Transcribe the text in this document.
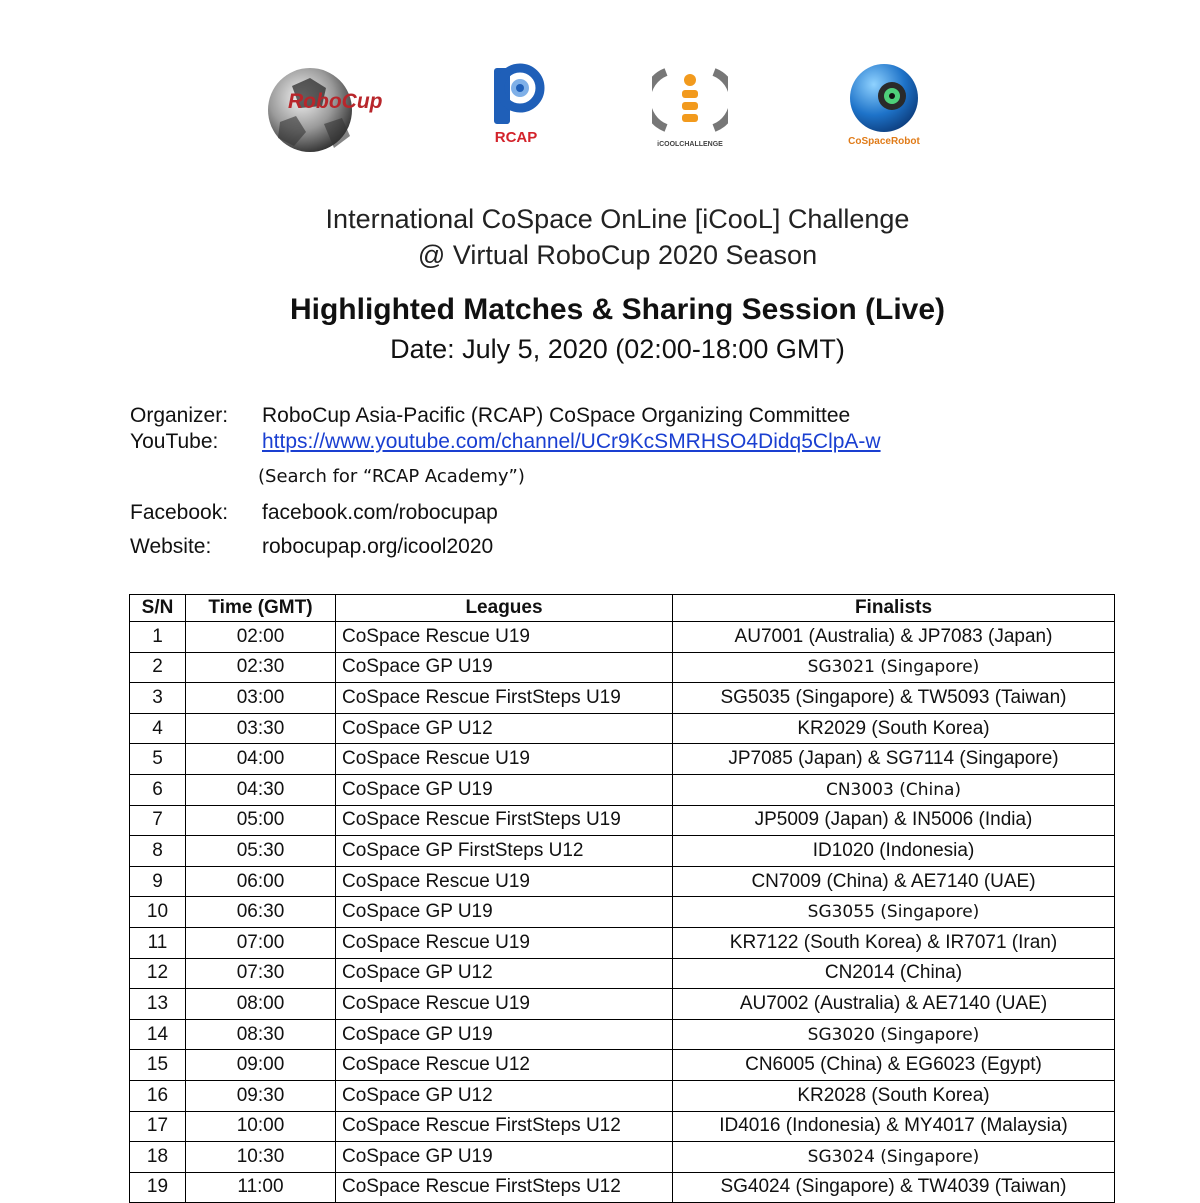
RoboCup
RCAP	iCOOLCHALLENGE	CoSpaceRobot
International CoSpace OnLine [iCooL] Challenge
@ Virtual RoboCup 2020 Season
Highlighted Matches & Sharing Session (Live)
Date: July 5, 2020 (02:00-18:00 GMT)
Organizer: RoboCup Asia-Pacific (RCAP) CoSpace Organizing Committee
YouTube: https://www.youtube.com/channel/UCr9KcSMRHSO4Didq5ClpA-w
(Search for “RCAP Academy”)
Facebook: facebook.com/robocupap
Website: robocupap.org/icool2020
S/N	Time (GMT)	Leagues	Finalists
1	02:00	CoSpace Rescue U19	AU7001 (Australia) & JP7083 (Japan)
2	02:30	CoSpace GP U19	SG3021 (Singapore)
3	03:00	CoSpace Rescue FirstSteps U19	SG5035 (Singapore) & TW5093 (Taiwan)
4	03:30	CoSpace GP U12	KR2029 (South Korea)
5	04:00	CoSpace Rescue U19	JP7085 (Japan) & SG7114 (Singapore)
6	04:30	CoSpace GP U19	CN3003 (China)
7	05:00	CoSpace Rescue FirstSteps U19	JP5009 (Japan) & IN5006 (India)
8	05:30	CoSpace GP FirstSteps U12	ID1020 (Indonesia)
9	06:00	CoSpace Rescue U19	CN7009 (China) & AE7140 (UAE)
10	06:30	CoSpace GP U19	SG3055 (Singapore)
11	07:00	CoSpace Rescue U19	KR7122 (South Korea) & IR7071 (Iran)
12	07:30	CoSpace GP U12	CN2014 (China)
13	08:00	CoSpace Rescue U19	AU7002 (Australia) & AE7140 (UAE)
14	08:30	CoSpace GP U19	SG3020 (Singapore)
15	09:00	CoSpace Rescue U12	CN6005 (China) & EG6023 (Egypt)
16	09:30	CoSpace GP U12	KR2028 (South Korea)
17	10:00	CoSpace Rescue FirstSteps U12	ID4016 (Indonesia) & MY4017 (Malaysia)
18	10:30	CoSpace GP U19	SG3024 (Singapore)
19	11:00	CoSpace Rescue FirstSteps U12	SG4024 (Singapore) & TW4039 (Taiwan)
